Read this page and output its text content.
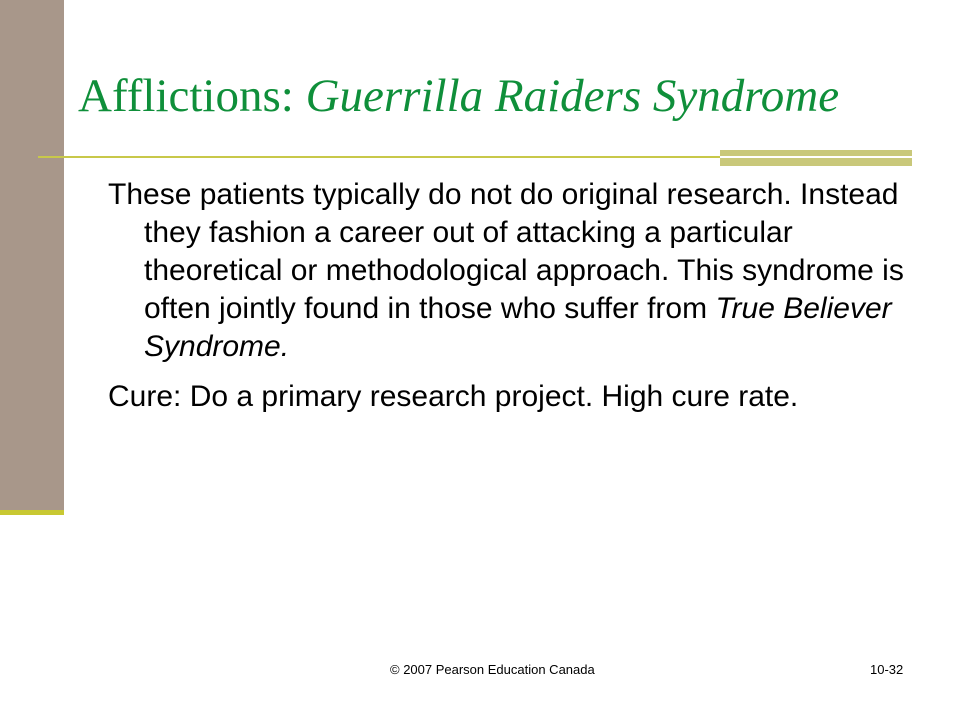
Afflictions: Guerrilla Raiders Syndrome

These patients typically do not do original research. Instead they fashion a career out of attacking a particular theoretical or methodological approach. This syndrome is often jointly found in those who suffer from True Believer Syndrome.

Cure: Do a primary research project. High cure rate.

© 2007 Pearson Education Canada	10-32
